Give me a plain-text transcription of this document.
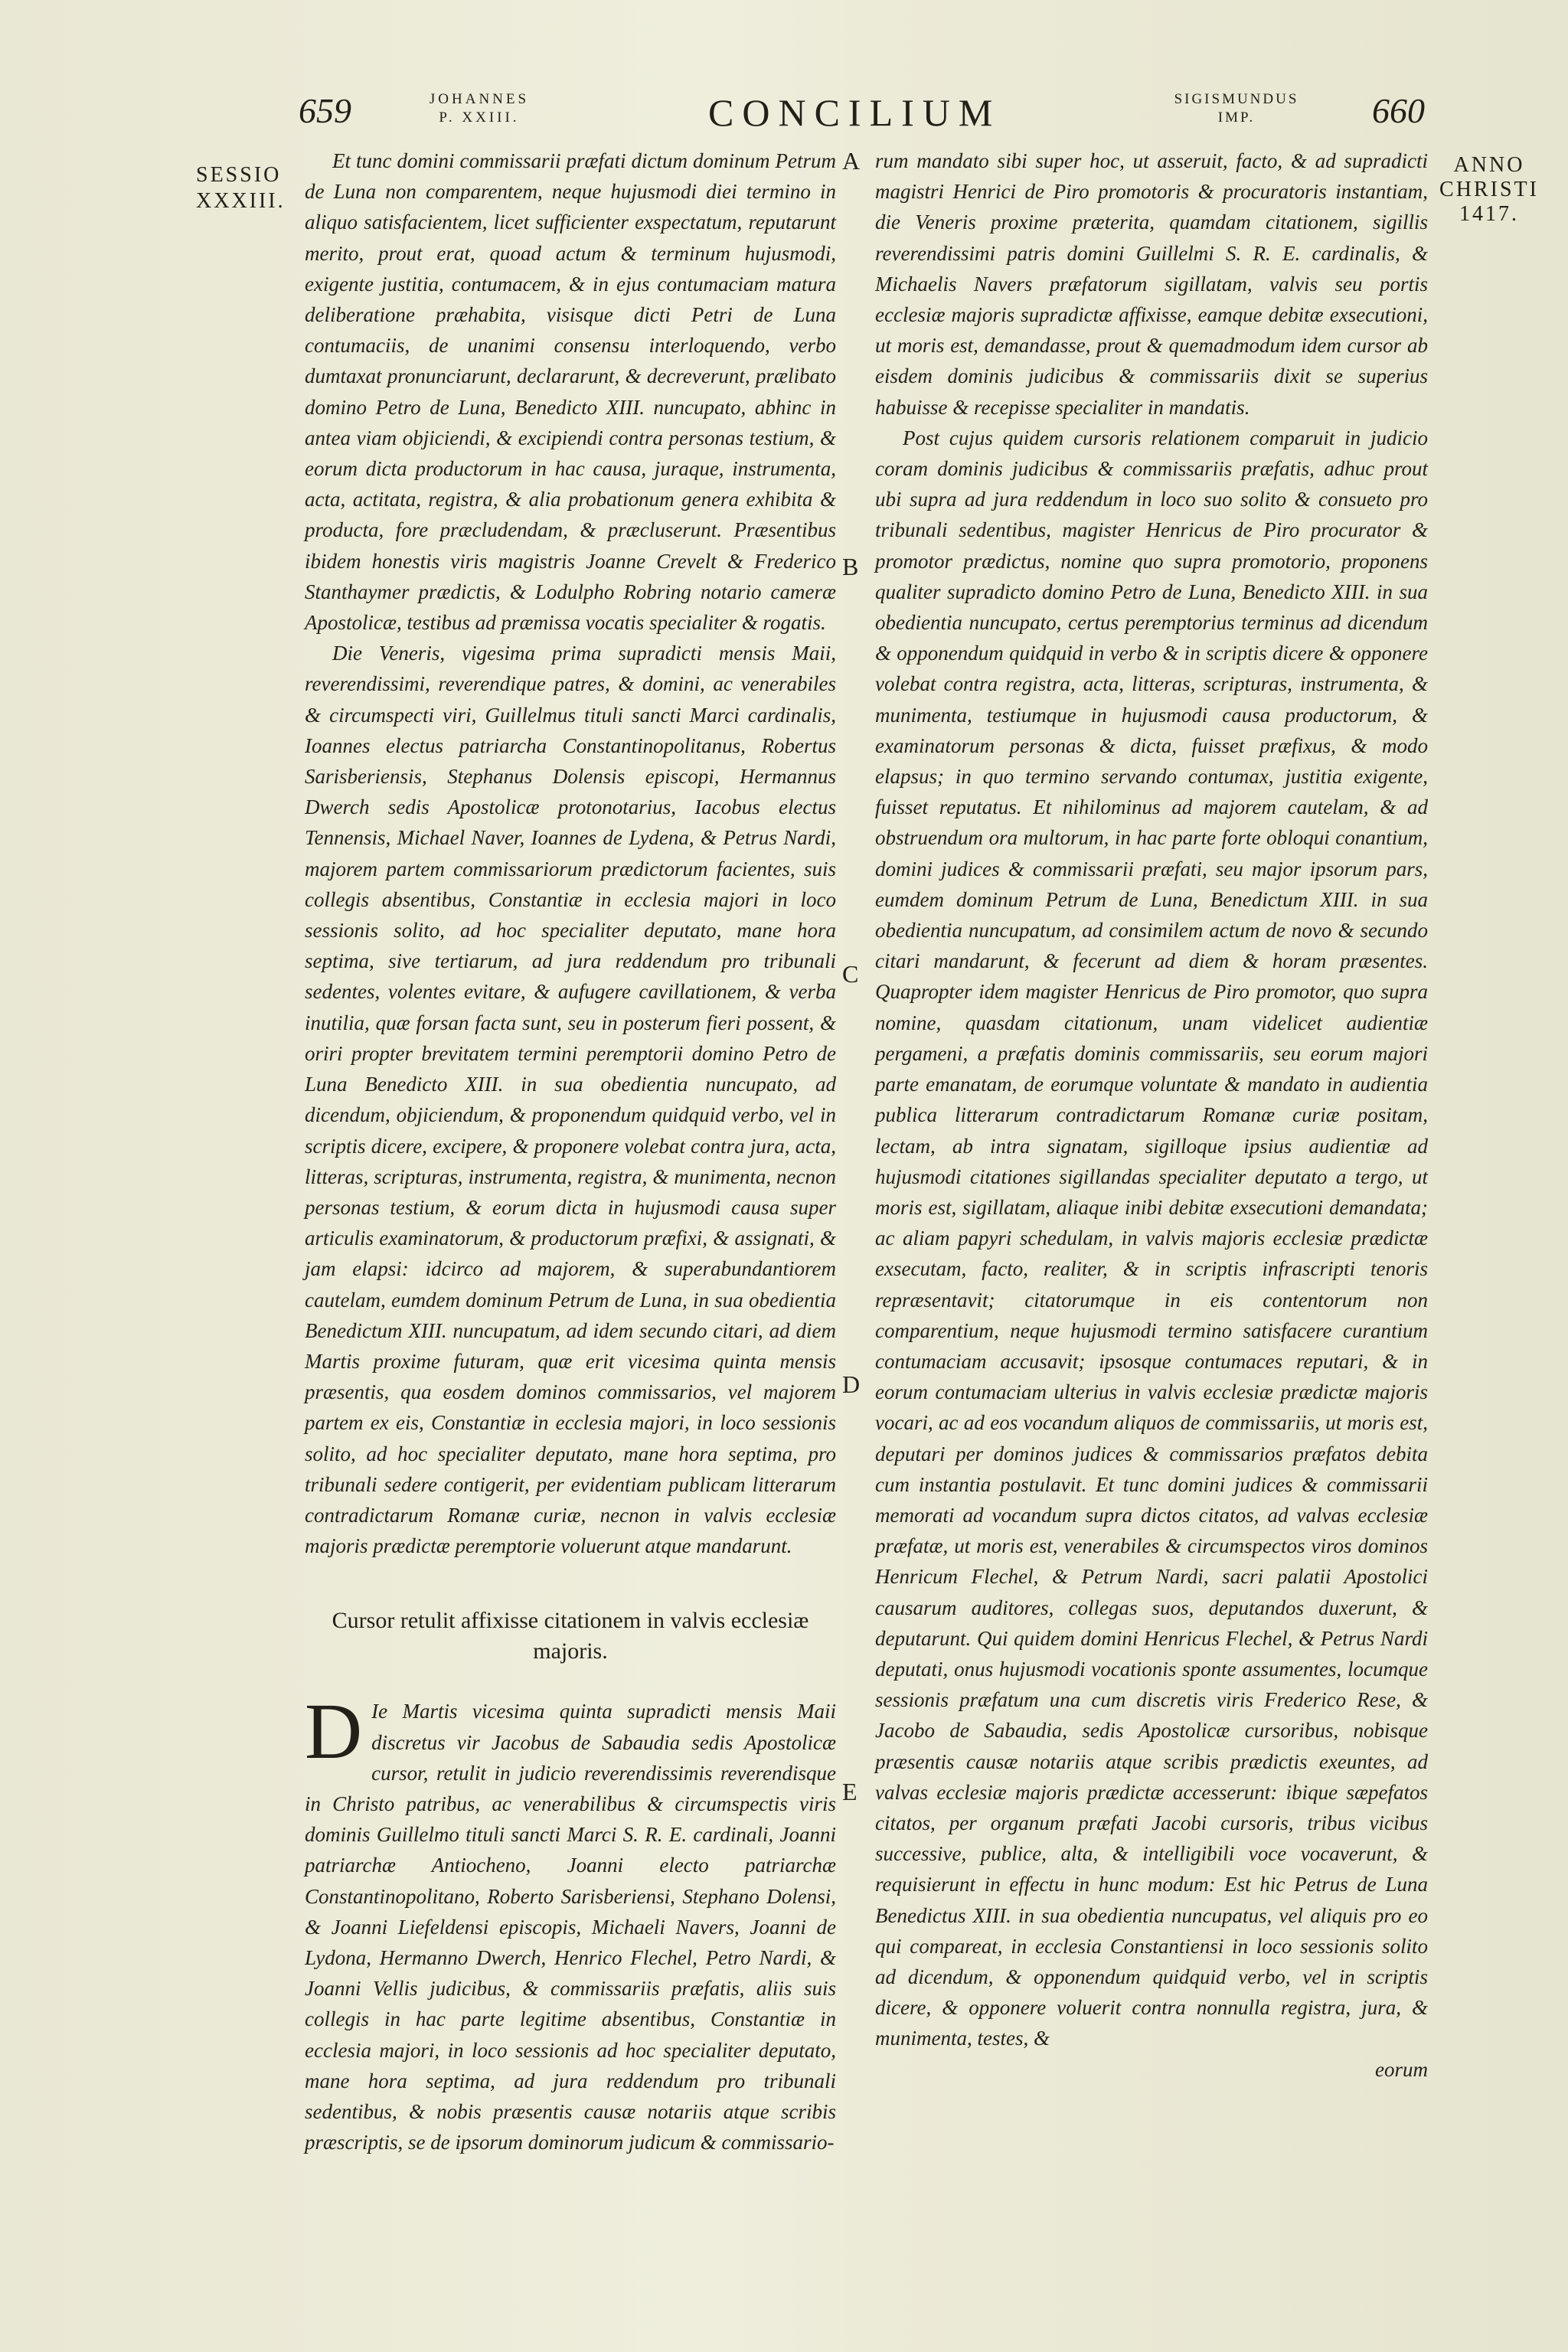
659	JOHANNES
P. XXIII.	CONCILIUM	SIGISMUNDUS
IMP.	660
SESSIO
XXXIII.
ANNO
CHRISTI
1417.

Et tunc domini commissarii præfati dictum dominum Petrum de Luna non comparentem, neque hujusmodi diei termino in aliquo satisfacientem, licet sufficienter exspectatum, reputarunt merito, prout erat, quoad actum & terminum hujusmodi, exigente justitia, contumacem, & in ejus contumaciam matura deliberatione præhabita, visisque dicti Petri de Luna contumaciis, de unanimi consensu interloquendo, verbo dumtaxat pronunciarunt, declararunt, & decreverunt, prælibato domino Petro de Luna, Benedicto XIII. nuncupato, abhinc in antea viam objiciendi, & excipiendi contra personas testium, & eorum dicta productorum in hac causa, juraque, instrumenta, acta, actitata, registra, & alia probationum genera exhibita & producta, fore præcludendam, & præcluserunt. Præsentibus ibidem honestis viris magistris Joanne Crevelt & Frederico Stanthaymer prædictis, & Lodulpho Robring notario cameræ Apostolicæ, testibus ad præmissa vocatis specialiter & rogatis.

Die Veneris, vigesima prima supradicti mensis Maii, reverendissimi, reverendique patres, & domini, ac venerabiles & circumspecti viri, Guillelmus tituli sancti Marci cardinalis, Ioannes electus patriarcha Constantinopolitanus, Robertus Sarisberiensis, Stephanus Dolensis episcopi, Hermannus Dwerch sedis Apostolicæ protonotarius, Iacobus electus Tennensis, Michael Naver, Ioannes de Lydena, & Petrus Nardi, majorem partem commissariorum prædictorum facientes, suis collegis absentibus, Constantiæ in ecclesia majori in loco sessionis solito, ad hoc specialiter deputato, mane hora septima, sive tertiarum, ad jura reddendum pro tribunali sedentes, volentes evitare, & aufugere cavillationem, & verba inutilia, quæ forsan facta sunt, seu in posterum fieri possent, & oriri propter brevitatem termini peremptorii domino Petro de Luna Benedicto XIII. in sua obedientia nuncupato, ad dicendum, objiciendum, & proponendum quidquid verbo, vel in scriptis dicere, excipere, & proponere volebat contra jura, acta, litteras, scripturas, instrumenta, registra, & munimenta, necnon personas testium, & eorum dicta in hujusmodi causa super articulis examinatorum, & productorum præfixi, & assignati, & jam elapsi: idcirco ad majorem, & superabundantiorem cautelam, eumdem dominum Petrum de Luna, in sua obedientia Benedictum XIII. nuncupatum, ad idem secundo citari, ad diem Martis proxime futuram, quæ erit vicesima quinta mensis præsentis, qua eosdem dominos commissarios, vel majorem partem ex eis, Constantiæ in ecclesia majori, in loco sessionis solito, ad hoc specialiter deputato, mane hora septima, pro tribunali sedere contigerit, per evidentiam publicam litterarum contradictarum Romanæ curiæ, necnon in valvis ecclesiæ majoris prædictæ peremptorie voluerunt atque mandarunt.

Cursor retulit affixisse citationem in valvis ecclesiæ majoris.

D Ie Martis vicesima quinta supradicti mensis Maii discretus vir Jacobus de Sabaudia sedis Apostolicæ cursor, retulit in judicio reverendissimis reverendisque in Christo patribus, ac venerabilibus & circumspectis viris dominis Guillelmo tituli sancti Marci S. R. E. cardinali, Joanni patriarchæ Antiocheno, Joanni electo patriarchæ Constantinopolitano, Roberto Sarisberiensi, Stephano Dolensi, & Joanni Liefeldensi episcopis, Michaeli Navers, Joanni de Lydona, Hermanno Dwerch, Henrico Flechel, Petro Nardi, & Joanni Vellis judicibus, & commissariis præfatis, aliis suis collegis in hac parte legitime absentibus, Constantiæ in ecclesia majori, in loco sessionis ad hoc specialiter deputato, mane hora septima, ad jura reddendum pro tribunali sedentibus, & nobis præsentis causæ notariis atque scribis præscriptis, se de ipsorum dominorum judicum & commissario-

rum mandato sibi super hoc, ut asseruit, facto, & ad supradicti magistri Henrici de Piro promotoris & procuratoris instantiam, die Veneris proxime præterita, quamdam citationem, sigillis reverendissimi patris domini Guillelmi S. R. E. cardinalis, & Michaelis Navers præfatorum sigillatam, valvis seu portis ecclesiæ majoris supradictæ affixisse, eamque debitæ exsecutioni, ut moris est, demandasse, prout & quemadmodum idem cursor ab eisdem dominis judicibus & commissariis dixit se superius habuisse & recepisse specialiter in mandatis.

Post cujus quidem cursoris relationem comparuit in judicio coram dominis judicibus & commissariis præfatis, adhuc prout ubi supra ad jura reddendum in loco suo solito & consueto pro tribunali sedentibus, magister Henricus de Piro procurator & promotor prædictus, nomine quo supra promotorio, proponens qualiter supradicto domino Petro de Luna, Benedicto XIII. in sua obedientia nuncupato, certus peremptorius terminus ad dicendum & opponendum quidquid in verbo & in scriptis dicere & opponere volebat contra registra, acta, litteras, scripturas, instrumenta, & munimenta, testiumque in hujusmodi causa productorum, & examinatorum personas & dicta, fuisset præfixus, & modo elapsus; in quo termino servando contumax, justitia exigente, fuisset reputatus. Et nihilominus ad majorem cautelam, & ad obstruendum ora multorum, in hac parte forte obloqui conantium, domini judices & commissarii præfati, seu major ipsorum pars, eumdem dominum Petrum de Luna, Benedictum XIII. in sua obedientia nuncupatum, ad consimilem actum de novo & secundo citari mandarunt, & fecerunt ad diem & horam præsentes. Quapropter idem magister Henricus de Piro promotor, quo supra nomine, quasdam citationum, unam videlicet audientiæ pergameni, a præfatis dominis commissariis, seu eorum majori parte emanatam, de eorumque voluntate & mandato in audientia publica litterarum contradictarum Romanæ curiæ positam, lectam, ab intra signatam, sigilloque ipsius audientiæ ad hujusmodi citationes sigillandas specialiter deputato a tergo, ut moris est, sigillatam, aliaque inibi debitæ exsecutioni demandata; ac aliam papyri schedulam, in valvis majoris ecclesiæ prædictæ exsecutam, facto, realiter, & in scriptis infrascripti tenoris repræsentavit; citatorumque in eis contentorum non comparentium, neque hujusmodi termino satisfacere curantium contumaciam accusavit; ipsosque contumaces reputari, & in eorum contumaciam ulterius in valvis ecclesiæ prædictæ majoris vocari, ac ad eos vocandum aliquos de commissariis, ut moris est, deputari per dominos judices & commissarios præfatos debita cum instantia postulavit. Et tunc domini judices & commissarii memorati ad vocandum supra dictos citatos, ad valvas ecclesiæ præfatæ, ut moris est, venerabiles & circumspectos viros dominos Henricum Flechel, & Petrum Nardi, sacri palatii Apostolici causarum auditores, collegas suos, deputandos duxerunt, & deputarunt. Qui quidem domini Henricus Flechel, & Petrus Nardi deputati, onus hujusmodi vocationis sponte assumentes, locumque sessionis præfatum una cum discretis viris Frederico Rese, & Jacobo de Sabaudia, sedis Apostolicæ cursoribus, nobisque præsentis causæ notariis atque scribis prædictis exeuntes, ad valvas ecclesiæ majoris prædictæ accesserunt: ibique sæpefatos citatos, per organum præfati Jacobi cursoris, tribus vicibus successive, publice, alta, & intelligibili voce vocaverunt, & requisierunt in effectu in hunc modum: Est hic Petrus de Luna Benedictus XIII. in sua obedientia nuncupatus, vel aliquis pro eo qui compareat, in ecclesia Constantiensi in loco sessionis solito ad dicendum, & opponendum quidquid verbo, vel in scriptis dicere, & opponere voluerit contra nonnulla registra, jura, & munimenta, testes, &

eorum
A
B
C
D
E
